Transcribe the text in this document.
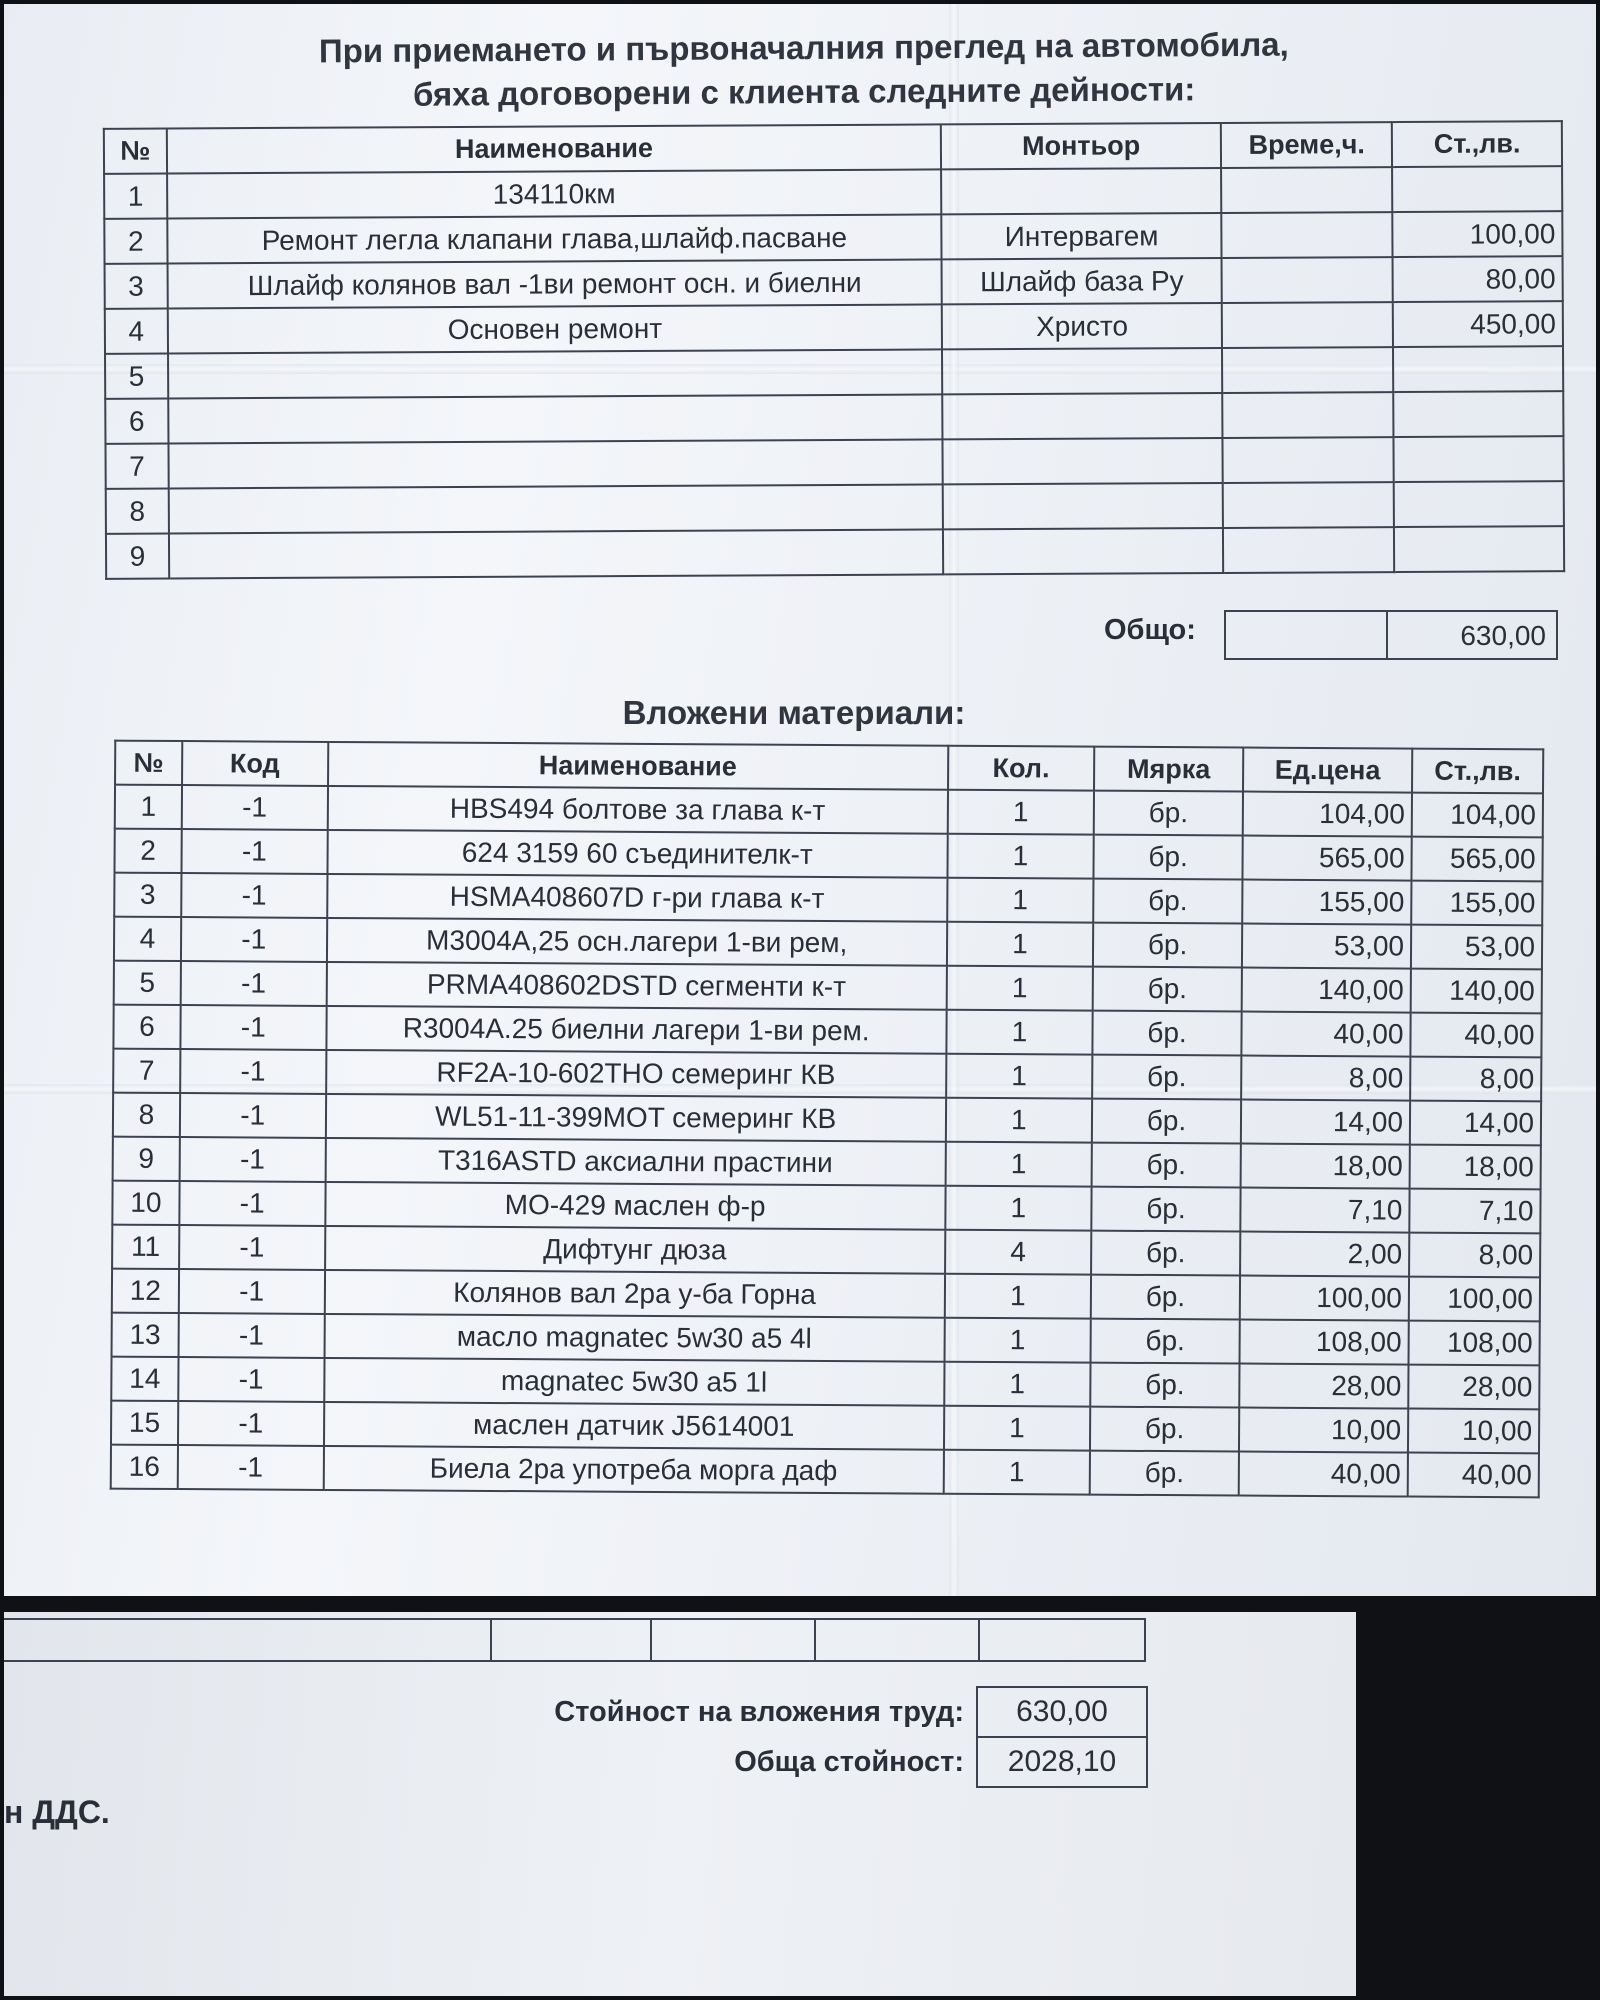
При приемането и първоначалния преглед на автомобила,
бяха договорени с клиента следните дейности:
№	Наименование	Монтьор	Време,ч.	Ст.,лв.
1	134110км			
2	Ремонт легла клапани глава,шлайф.пасване	Интервагем		100,00
3	Шлайф колянов вал -1ви ремонт осн. и биелни	Шлайф база Ру		80,00
4	Основен ремонт	Христо		450,00
5				
6				
7				
8				
9				
Общо:	630,00
Вложени материали:
№	Код	Наименование	Кол.	Мярка	Ед.цена	Ст.,лв.
1	-1	HBS494 болтове за глава к-т	1	бр.	104,00	104,00
2	-1	624 3159 60 съединителк-т	1	бр.	565,00	565,00
3	-1	HSMA408607D г-ри глава к-т	1	бр.	155,00	155,00
4	-1	M3004A,25 осн.лагери 1-ви рем,	1	бр.	53,00	53,00
5	-1	PRMA408602DSTD сегменти к-т	1	бр.	140,00	140,00
6	-1	R3004A.25 биелни лагери 1-ви рем.	1	бр.	40,00	40,00
7	-1	RF2A-10-602THO семеринг КВ	1	бр.	8,00	8,00
8	-1	WL51-11-399MOT семеринг КВ	1	бр.	14,00	14,00
9	-1	T316ASTD аксиални прастини	1	бр.	18,00	18,00
10	-1	MO-429 маслен ф-р	1	бр.	7,10	7,10
11	-1	Дифтунг дюза	4	бр.	2,00	8,00
12	-1	Колянов вал 2ра у-ба Горна	1	бр.	100,00	100,00
13	-1	масло magnatec 5w30 a5 4l	1	бр.	108,00	108,00
14	-1	magnatec 5w30 a5 1l	1	бр.	28,00	28,00
15	-1	маслен датчик J5614001	1	бр.	10,00	10,00
16	-1	Биела 2ра употреба морга даф	1	бр.	40,00	40,00
Стойност на вложения труд:	630,00
Обща стойност:	2028,10
н ДДС.
